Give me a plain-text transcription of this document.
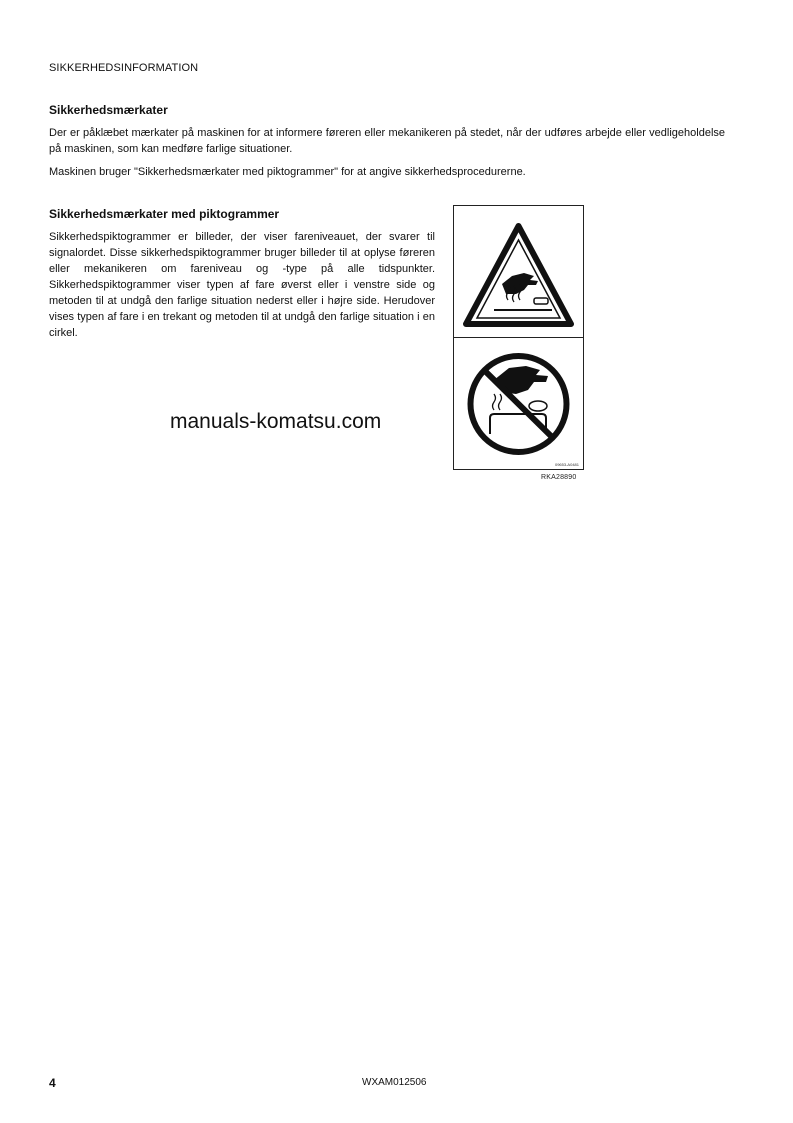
SIKKERHEDSINFORMATION
Sikkerhedsmærkater
Der er påklæbet mærkater på maskinen for at informere føreren eller mekanikeren på stedet, når der udføres arbejde eller vedligeholdelse på maskinen, som kan medføre farlige situationer.
Maskinen bruger "Sikkerhedsmærkater med piktogrammer" for at angive sikkerhedsprocedurerne.
Sikkerhedsmærkater med piktogrammer
Sikkerhedspiktogrammer er billeder, der viser fareniveauet, der svarer til signalordet. Disse sikkerhedspiktogrammer bruger billeder til at oplyse føreren eller mekanikeren om fareniveau og -type på alle tidspunkter. Sikkerhedspiktogrammer viser typen af fare øverst eller i venstre side og metoden til at undgå den farlige situation nederst eller i højre side. Herudover vises typen af fare i en trekant og metoden til at undgå den farlige situation i en cirkel.
manuals-komatsu.com
09653-A0481
RKA28890
4	WXAM012506
